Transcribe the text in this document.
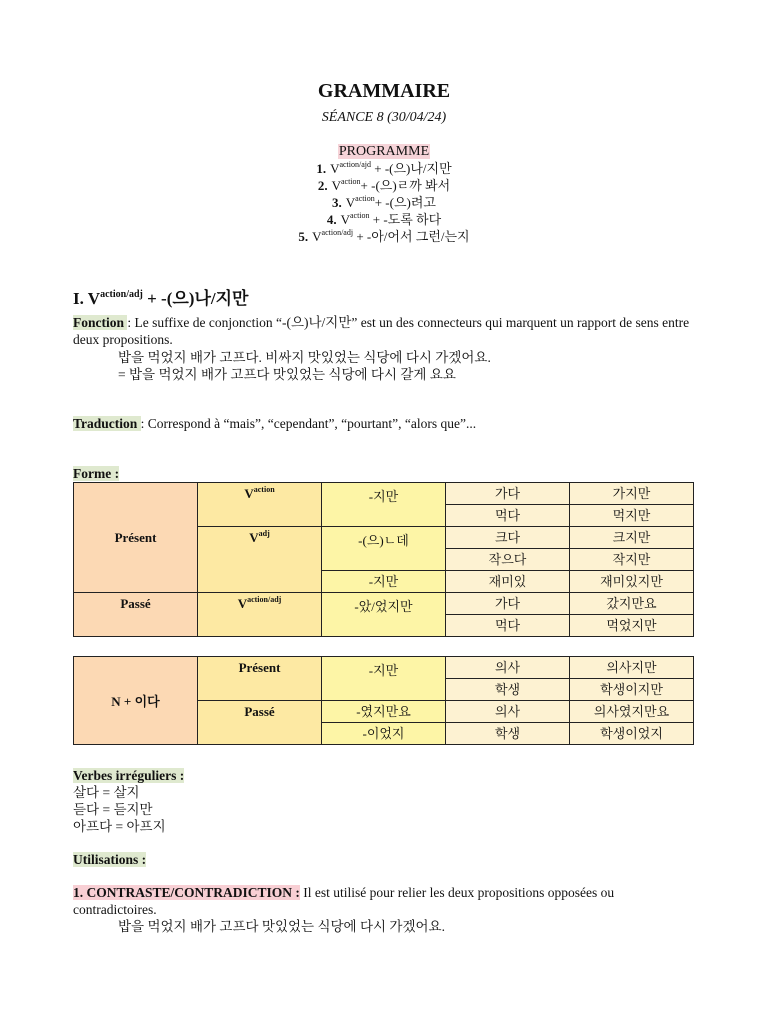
GRAMMAIRE
SÉANCE 8 (30/04/24)
PROGRAMME
1. $V^{action/ajd}$ + -(으)나/지만
2. $V^{action}+$ -(으)ㄹ까 봐서
3. $V^{action}+$ -(으)려고
4. $V^{action}$ + -도록 하다
5. $V^{action/adj}$ + -아/어서 그런/는지
I. $V^{action/adj}$ + -(으)나/지만
Fonction : Le suffixe de conjonction “-(으)나/지만” est un des connecteurs qui marquent un rapport de sens entre deux propositions.
밥을 먹었지 배가 고프다. 비싸지 맛있었는 식당에 다시 가겠어요.
= 밥을 먹었지 배가 고프다 맛있었는 식당에 다시 갈게 요요
Traduction : Correspond à “mais”, “cependant”, “pourtant”, “alors que”...
Forme :
Présent	$V^{action}$	-지만	가다	가지만
			먹다	먹지만

	$V^{adj}$	-(으)ㄴ데	크다	크지만
			작으다	작지만
		-지만	재미있	재미있지만

Passé	$V^{action/adj}$	-았/었지만	가다	갔지만요
			먹다	먹었지만
N + 이다	Présent	-지만	의사	의사지만
			학생	학생이지만

	Passé	-였지만요	의사	의사였지만요
		-이었지	학생	학생이었지
Verbes irréguliers :
살다 = 살지
듣다 = 듣지만
아프다 = 아프지
Utilisations :
1. CONTRASTE/CONTRADICTION : Il est utilisé pour relier les deux propositions opposées ou contradictoires.
밥을 먹었지 배가 고프다 맛있었는 식당에 다시 가겠어요.
